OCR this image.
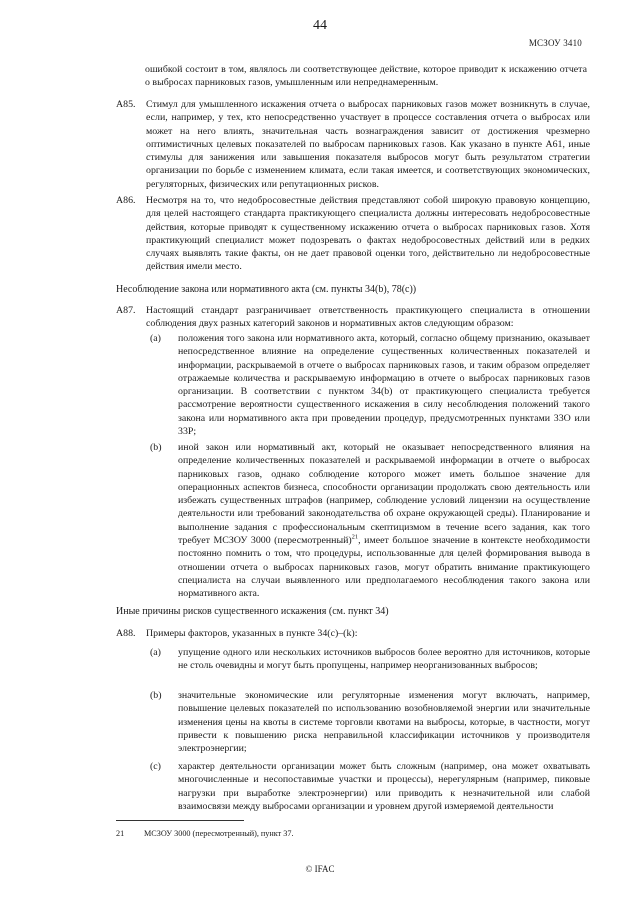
44
МСЗОУ 3410
ошибкой состоит в том, являлось ли соответствующее действие, которое приводит к искажению отчета о выбросах парниковых газов, умышленным или непреднамеренным.
A85.	Стимул для умышленного искажения отчета о выбросах парниковых газов может возникнуть в случае, если, например, у тех, кто непосредственно участвует в процессе составления отчета о выбросах или может на него влиять, значительная часть вознаграждения зависит от достижения чрезмерно оптимистичных целевых показателей по выбросам парниковых газов. Как указано в пункте A61, иные стимулы для занижения или завышения показателя выбросов могут быть результатом стратегии организации по борьбе с изменением климата, если такая имеется, и соответствующих экономических, регуляторных, физических или репутационных рисков.
A86.	Несмотря на то, что недобросовестные действия представляют собой широкую правовую концепцию, для целей настоящего стандарта практикующего специалиста должны интересовать недобросовестные действия, которые приводят к существенному искажению отчета о выбросах парниковых газов. Хотя практикующий специалист может подозревать о фактах недобросовестных действий или в редких случаях выявлять такие факты, он не дает правовой оценки того, действительно ли недобросовестные действия имели место.
Несоблюдение закона или нормативного акта (см. пункты 34(b), 78(c))
A87.	Настоящий стандарт разграничивает ответственность практикующего специалиста в отношении соблюдения двух разных категорий законов и нормативных актов следующим образом:
(a)	положения того закона или нормативного акта, который, согласно общему признанию, оказывает непосредственное влияние на определение существенных количественных показателей и информации, раскрываемой в отчете о выбросах парниковых газов, и таким образом определяет отражаемые количества и раскрываемую информацию в отчете о выбросах парниковых газов организации. В соответствии с пунктом 34(b) от практикующего специалиста требуется рассмотрение вероятности существенного искажения в силу несоблюдения положений такого закона или нормативного акта при проведении процедур, предусмотренных пунктами 33O или 33P;
(b)	иной закон или нормативный акт, который не оказывает непосредственного влияния на определение количественных показателей и раскрываемой информации в отчете о выбросах парниковых газов, однако соблюдение которого может иметь большое значение для операционных аспектов бизнеса, способности организации продолжать свою деятельность или избежать существенных штрафов (например, соблюдение условий лицензии на осуществление деятельности или требований законодательства об охране окружающей среды). Планирование и выполнение задания с профессиональным скептицизмом в течение всего задания, как того требует МСЗОУ 3000 (пересмотренный)$^{21}$, имеет большое значение в контексте необходимости постоянно помнить о том, что процедуры, использованные для целей формирования вывода в отношении отчета о выбросах парниковых газов, могут обратить внимание практикующего специалиста на случаи выявленного или предполагаемого несоблюдения такого закона или нормативного акта.
Иные причины рисков существенного искажения (см. пункт 34)
A88.	Примеры факторов, указанных в пункте 34(c)–(k):
(a)	упущение одного или нескольких источников выбросов более вероятно для источников, которые не столь очевидны и могут быть пропущены, например неорганизованных выбросов;
(b)	значительные экономические или регуляторные изменения могут включать, например, повышение целевых показателей по использованию возобновляемой энергии или значительные изменения цены на квоты в системе торговли квотами на выбросы, которые, в частности, могут привести к повышению риска неправильной классификации источников у производителя электроэнергии;
(c)	характер деятельности организации может быть сложным (например, она может охватывать многочисленные и несопоставимые участки и процессы), нерегулярным (например, пиковые нагрузки при выработке электроэнергии) или приводить к незначительной или слабой взаимосвязи между выбросами организации и уровнем другой измеряемой деятельности
21 МСЗОУ 3000 (пересмотренный), пункт 37.
© IFAC
